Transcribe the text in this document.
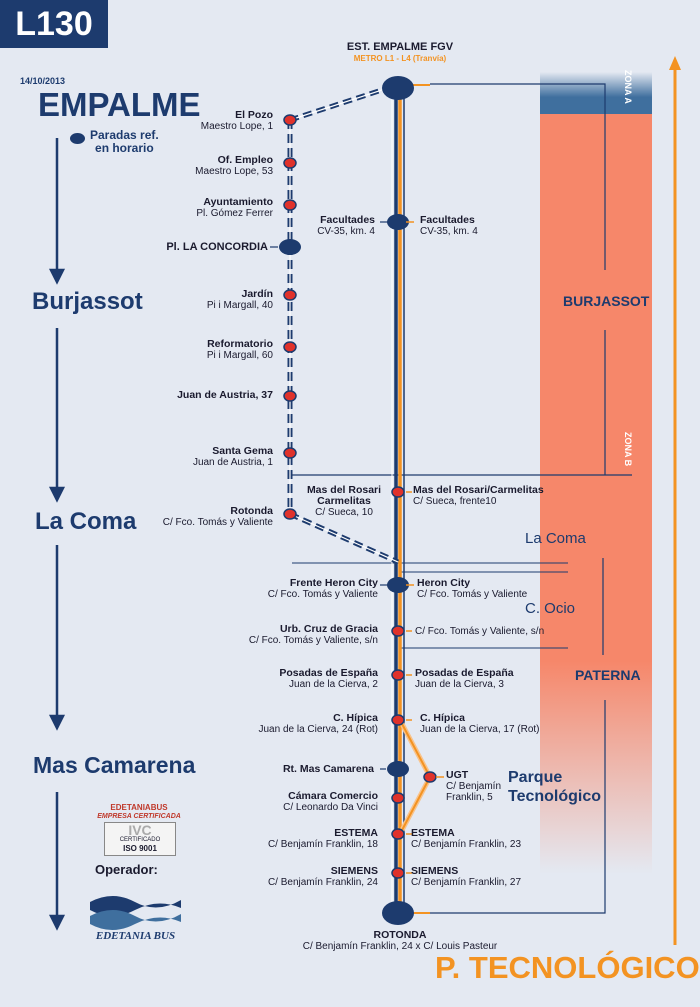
L130
14/10/2013
EMPALME
Paradas ref.
en horario
Burjassot
La Coma
Mas Camarena
EST. EMPALME FGV
METRO L1 - L4 (Tranvía)
ROTONDA
C/ Benjamín Franklin, 24 x C/ Louis Pasteur
El Pozo
Maestro Lope, 1
Of. Empleo
Maestro Lope, 53
Ayuntamiento
Pl. Gómez Ferrer
Pl. LA CONCORDIA
Jardín
Pi i Margall, 40
Reformatorio
Pi i Margall, 60
Juan de Austria, 37
Santa Gema
Juan de Austria, 1
Rotonda
C/ Fco. Tomás y Valiente
Facultades
CV-35, km. 4
Mas del Rosari
Carmelitas
C/ Sueca, 10
Frente Heron City
C/ Fco. Tomás y Valiente
Urb. Cruz de Gracia
C/ Fco. Tomás y Valiente, s/n
Posadas de España
Juan de la Cierva, 2
C. Hípica
Juan de la Cierva, 24 (Rot)
Rt. Mas Camarena
Cámara Comercio
C/ Leonardo Da Vinci
ESTEMA
C/ Benjamín Franklin, 18
SIEMENS
C/ Benjamín Franklin, 24
Facultades
CV-35, km. 4
Mas del Rosari/Carmelitas
C/ Sueca, frente10
Heron City
C/ Fco. Tomás y Valiente
C/ Fco. Tomás y Valiente, s/n
Posadas de España
Juan de la Cierva, 3
C. Hípica
Juan de la Cierva, 17 (Rot)
ESTEMA
C/ Benjamín Franklin, 23
SIEMENS
C/ Benjamín Franklin, 27
UGT
C/ Benjamín
Franklin, 5
BURJASSOT
La Coma
C. Ocio
PATERNA
Parque
Tecnológico
ZONA A
ZONA B
EDETANIABUS
EMPRESA CERTIFICADA
IVC
CERTIFICADO
ISO 9001
Operador:
EDETANIA BUS
P. TECNOLÓGICO
